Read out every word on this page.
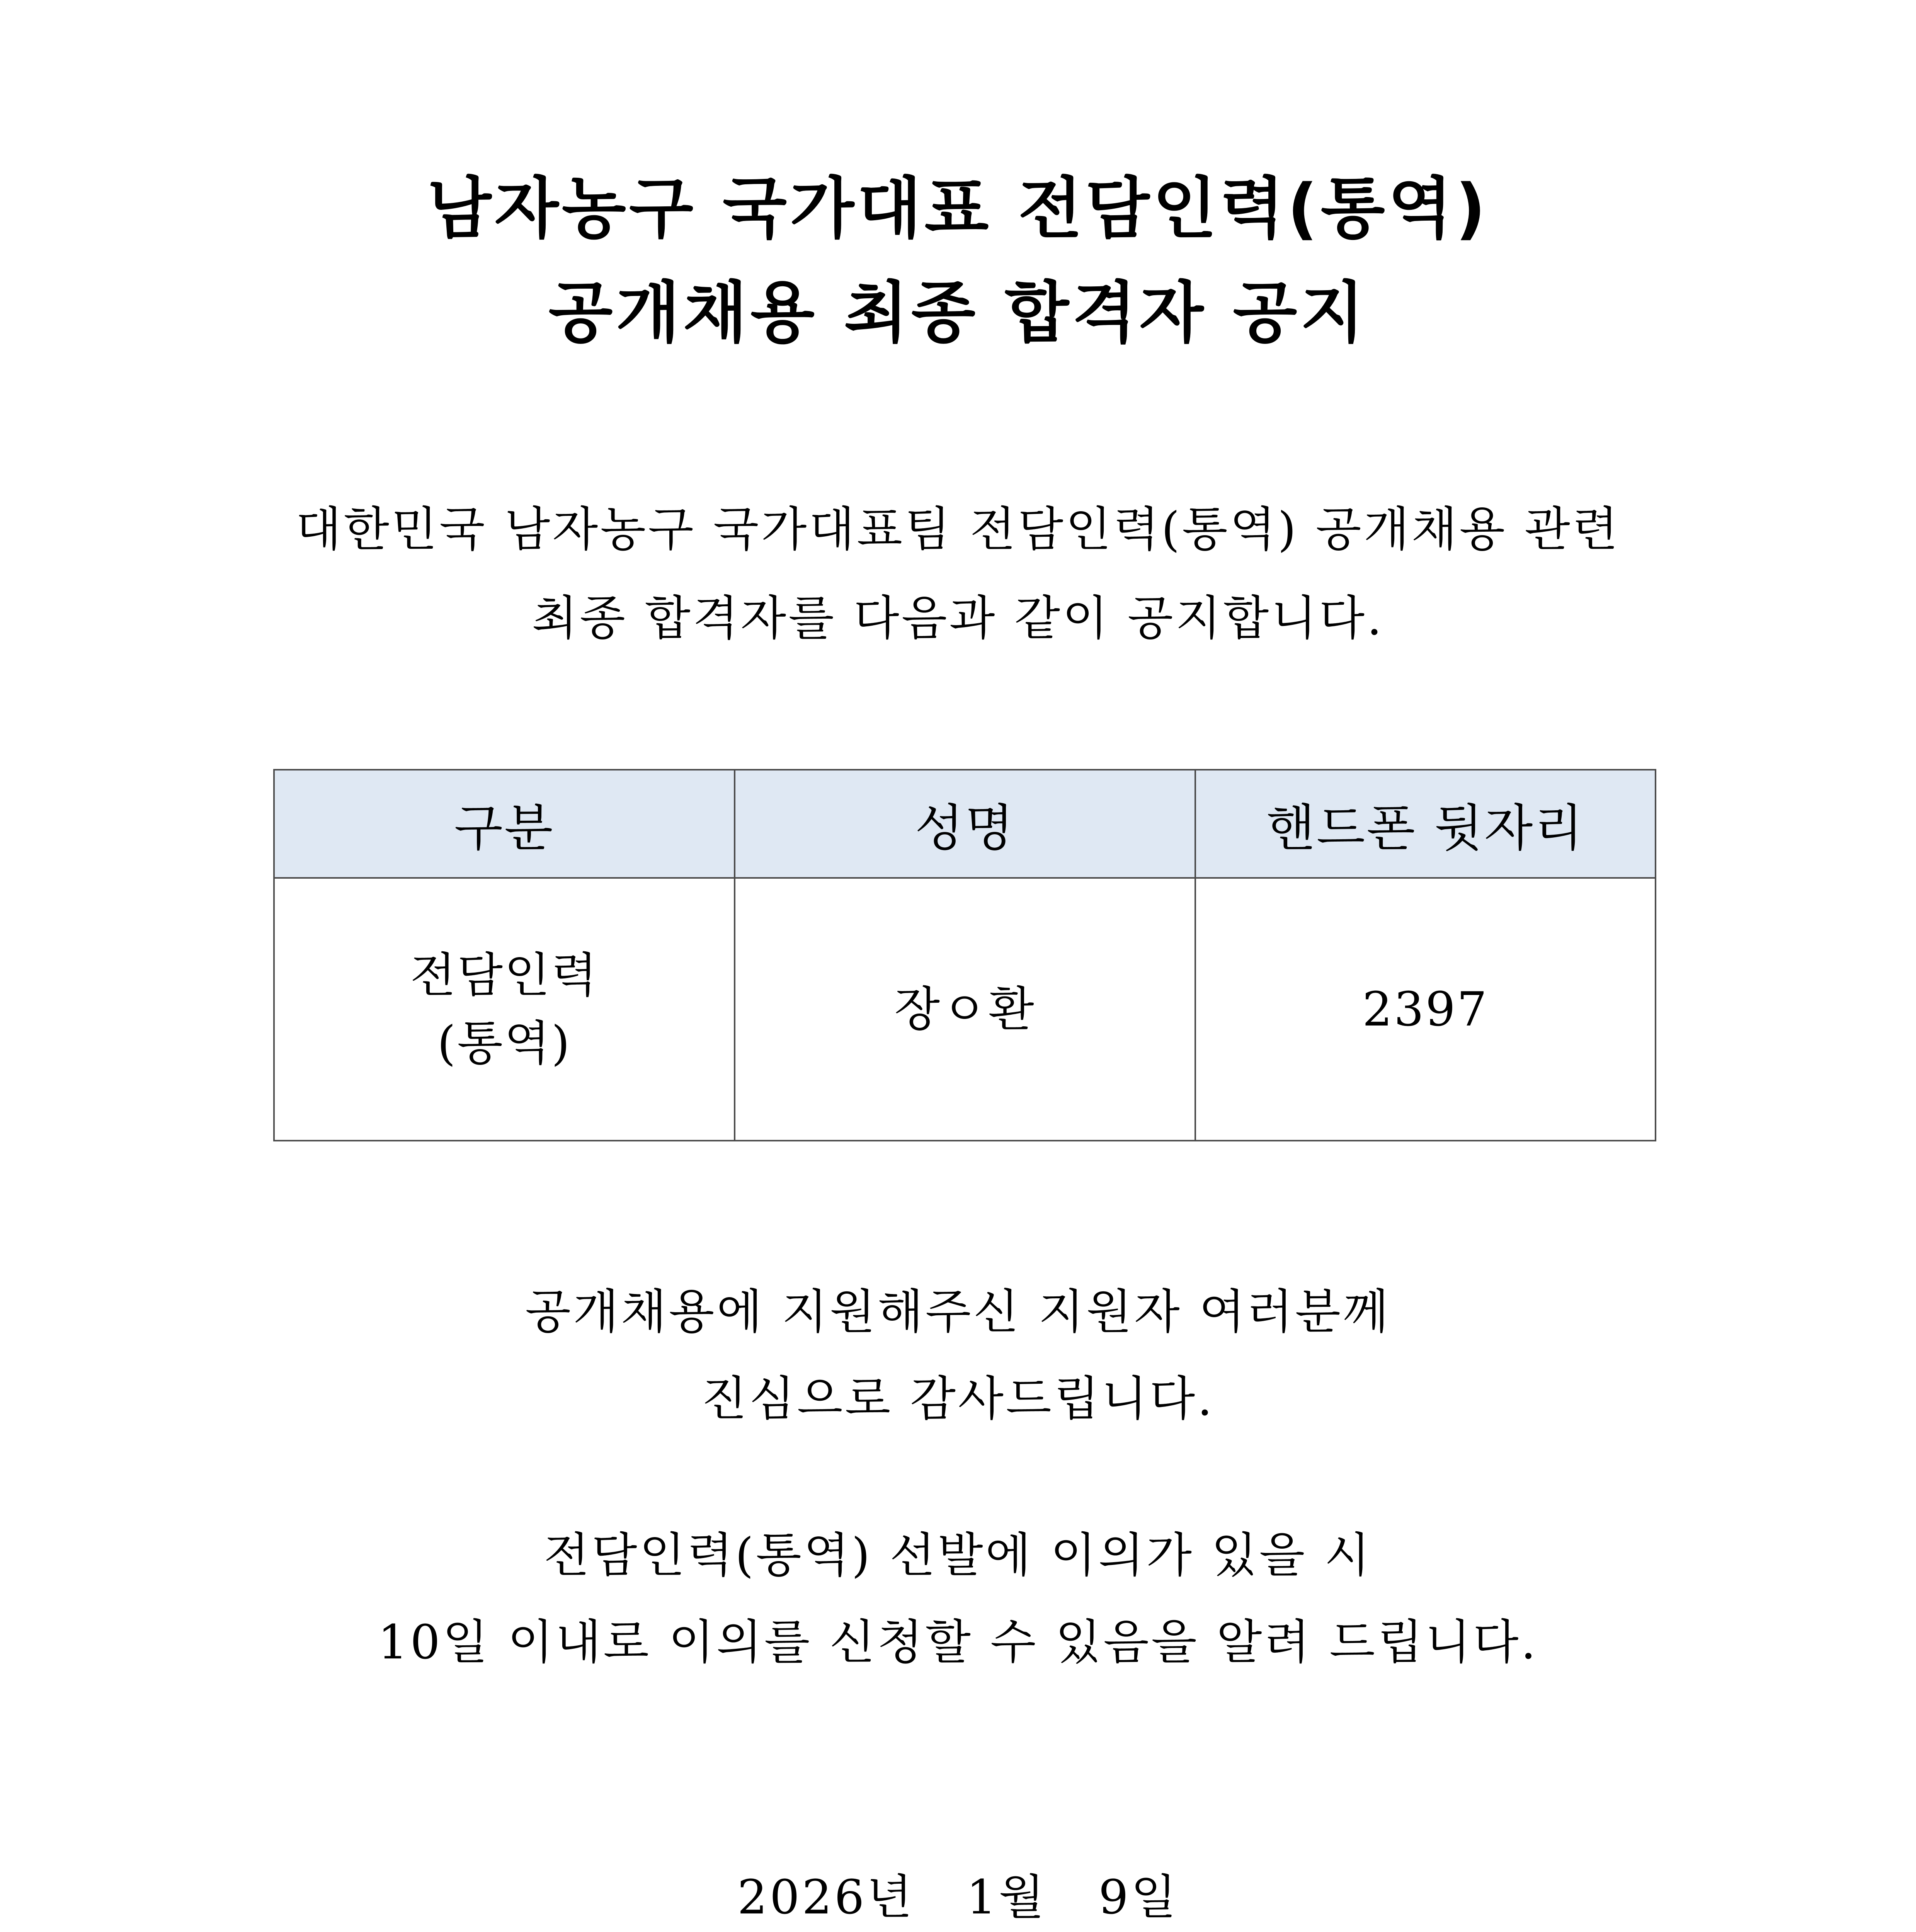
남자농구 국가대표 전담인력(통역)
공개채용 최종 합격자 공지
대한민국 남자농구 국가대표팀 전담인력(통역) 공개채용 관련
최종 합격자를 다음과 같이 공지합니다.
구분	성명	핸드폰 뒷자리

전담인력
(통역)	장ㅇ환	2397
공개채용에 지원해주신 지원자 여러분께
진심으로 감사드립니다.
전담인력(통역) 선발에 이의가 있을 시
10일 이내로 이의를 신청할 수 있음을 알려 드립니다.
2026년   1월   9일
